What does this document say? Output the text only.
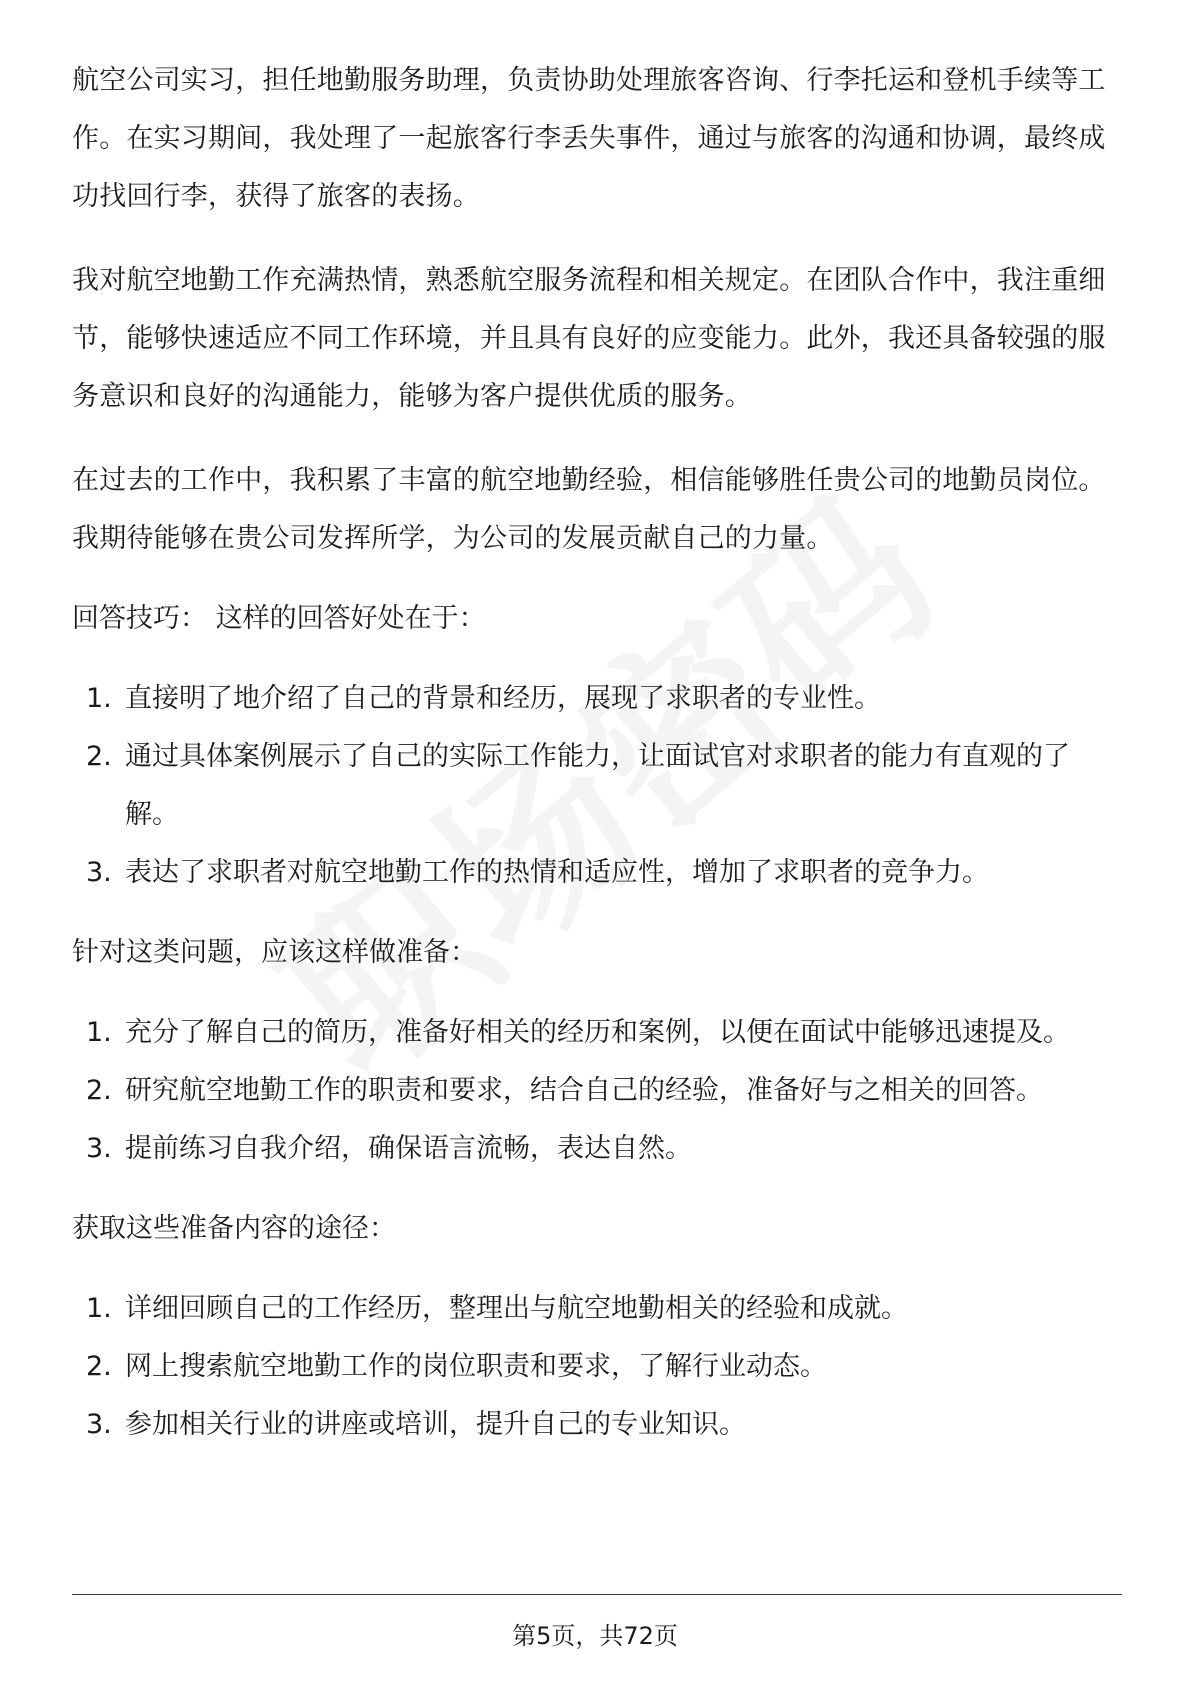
航空公司实习，担任地勤服务助理，负责协助处理旅客咨询、行李托运和登机手续等工作。在实习期间，我处理了一起旅客行李丢失事件，通过与旅客的沟通和协调，最终成功找回行李，获得了旅客的表扬。

我对航空地勤工作充满热情，熟悉航空服务流程和相关规定。在团队合作中，我注重细节，能够快速适应不同工作环境，并且具有良好的应变能力。此外，我还具备较强的服务意识和良好的沟通能力，能够为客户提供优质的服务。

在过去的工作中，我积累了丰富的航空地勤经验，相信能够胜任贵公司的地勤员岗位。我期待能够在贵公司发挥所学，为公司的发展贡献自己的力量。

回答技巧： 这样的回答好处在于：
1. 直接明了地介绍了自己的背景和经历，展现了求职者的专业性。
2. 通过具体案例展示了自己的实际工作能力，让面试官对求职者的能力有直观的了解。
3. 表达了求职者对航空地勤工作的热情和适应性，增加了求职者的竞争力。
针对这类问题，应该这样做准备：
1. 充分了解自己的简历，准备好相关的经历和案例，以便在面试中能够迅速提及。
2. 研究航空地勤工作的职责和要求，结合自己的经验，准备好与之相关的回答。
3. 提前练习自我介绍，确保语言流畅，表达自然。
获取这些准备内容的途径：
1. 详细回顾自己的工作经历，整理出与航空地勤相关的经验和成就。
2. 网上搜索航空地勤工作的岗位职责和要求，了解行业动态。
3. 参加相关行业的讲座或培训，提升自己的专业知识。
第5页，共72页
